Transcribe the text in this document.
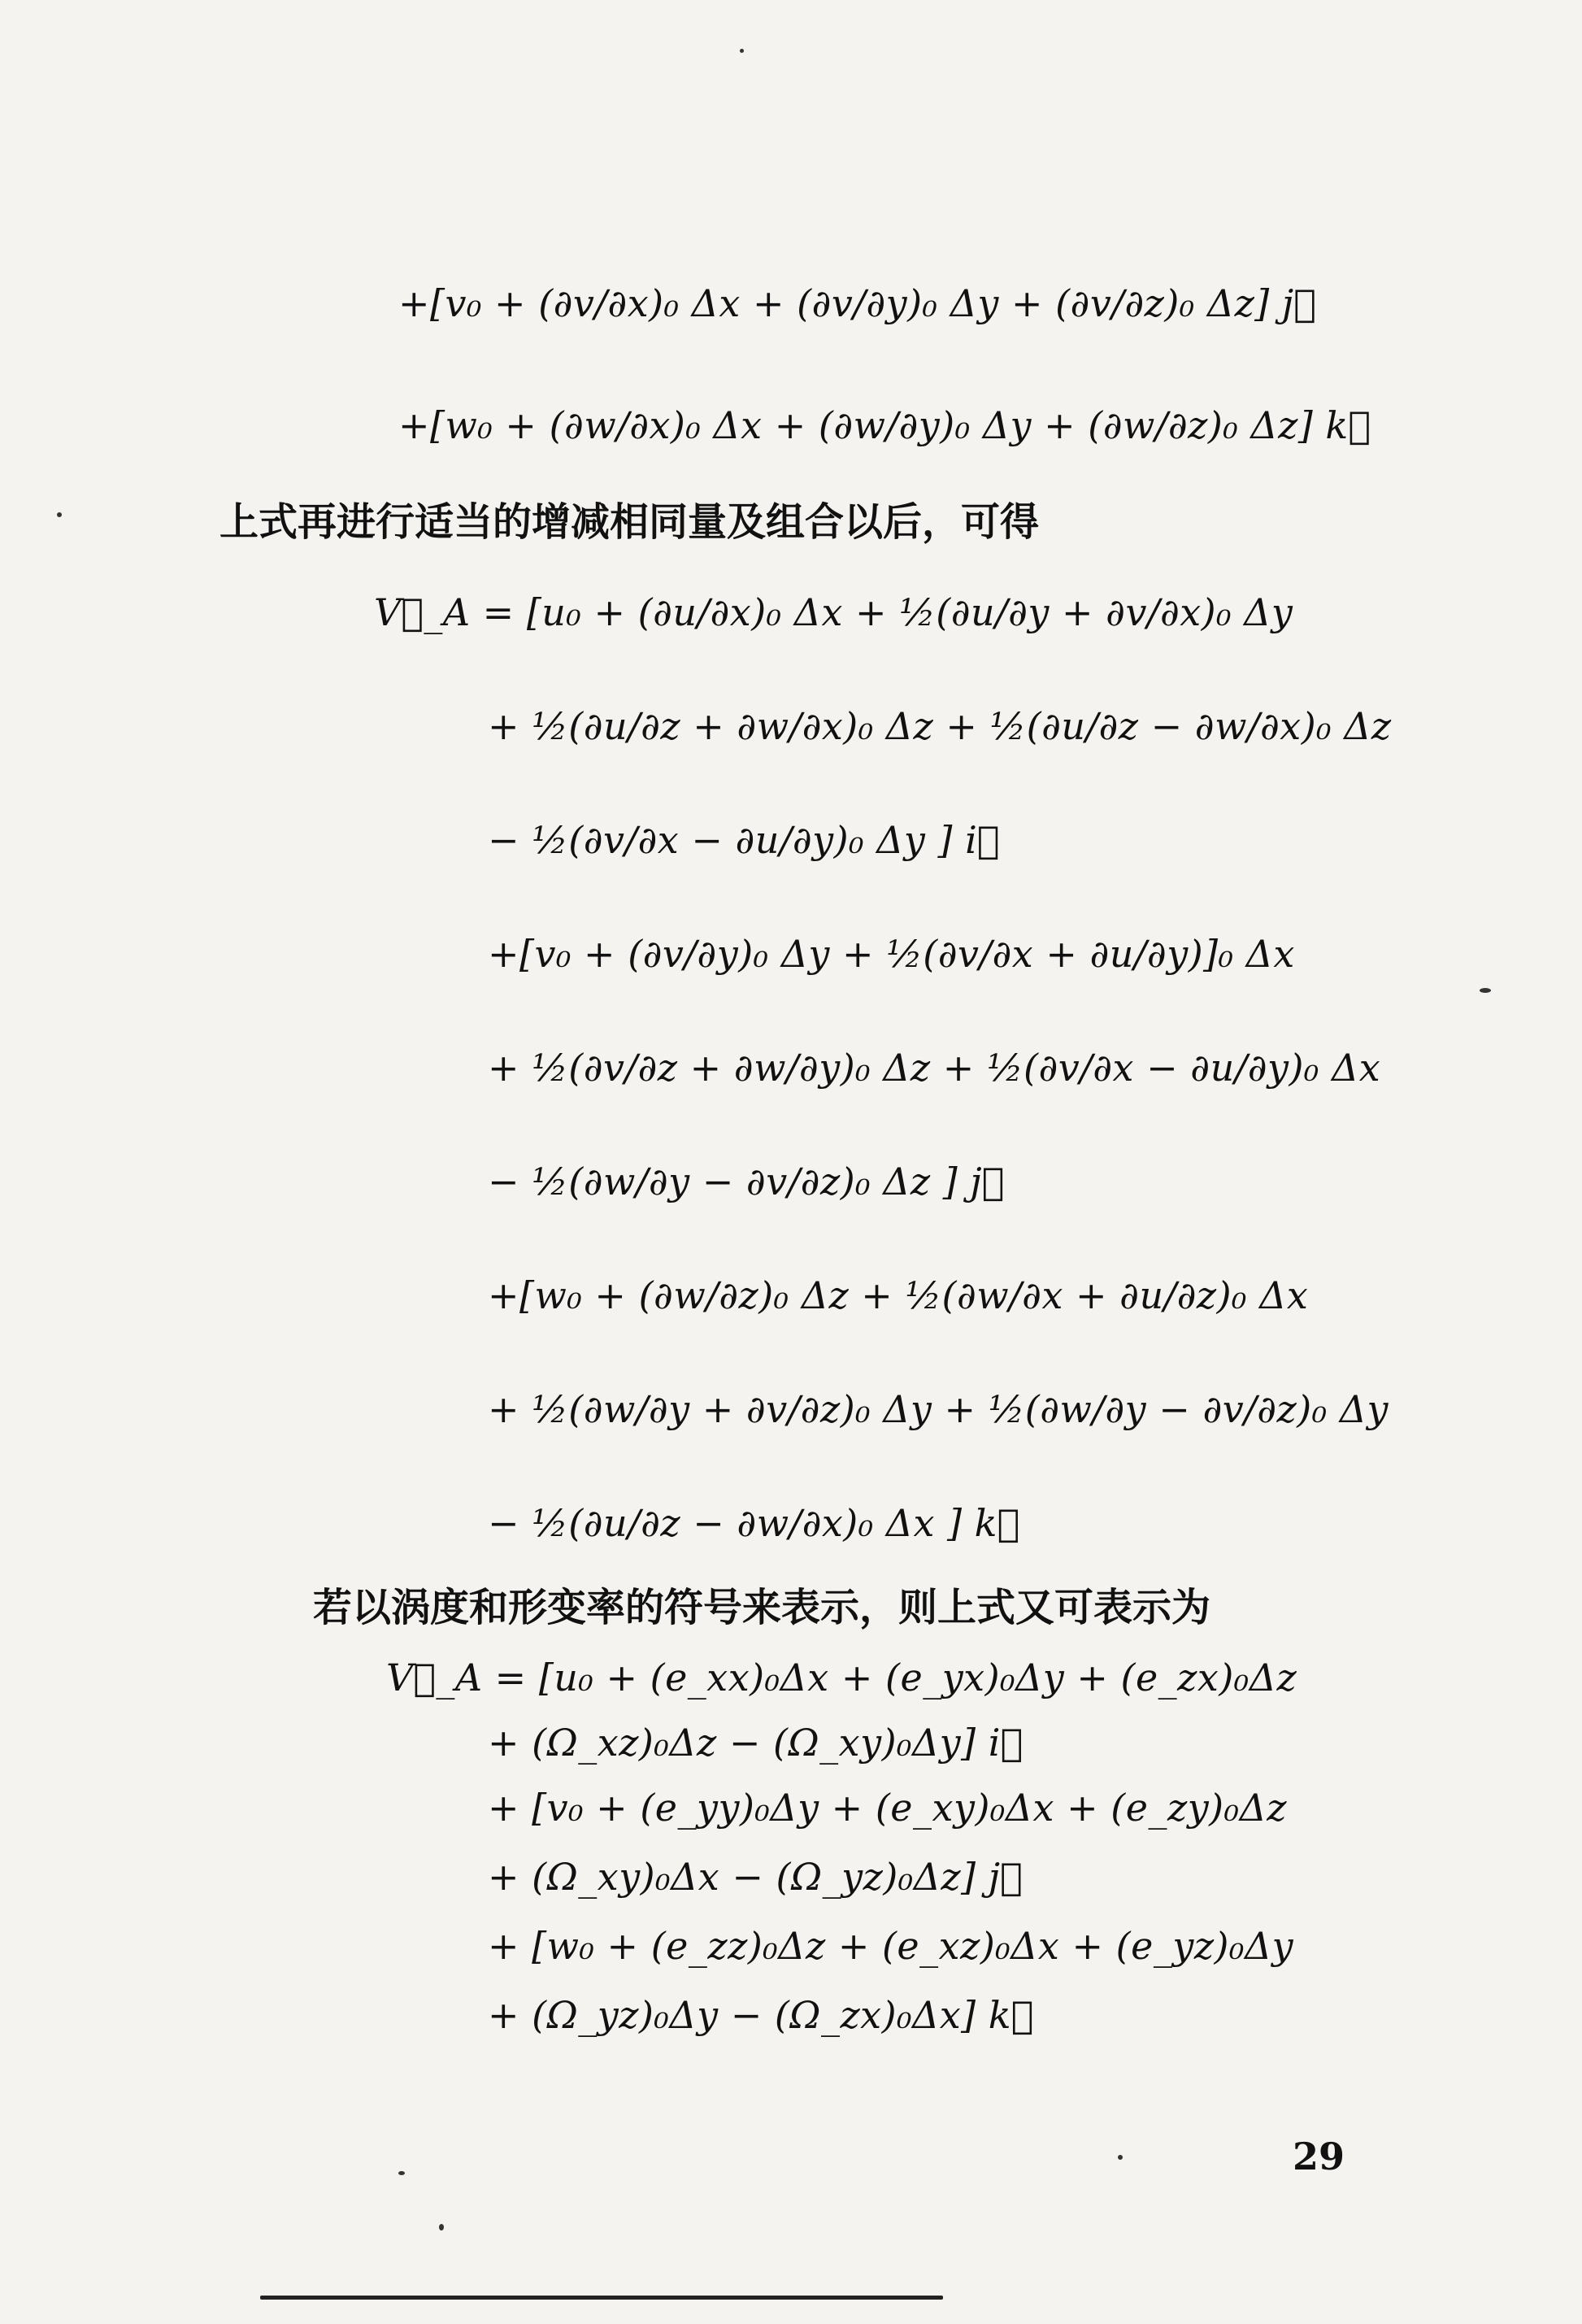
+[v₀ + (∂v/∂x)₀ Δx + (∂v/∂y)₀ Δy + (∂v/∂z)₀ Δz] j⃗
+[w₀ + (∂w/∂x)₀ Δx + (∂w/∂y)₀ Δy + (∂w/∂z)₀ Δz] k⃗
上式再进行适当的增减相同量及组合以后，可得
V⃗_A = [u₀ + (∂u/∂x)₀ Δx + ½(∂u/∂y + ∂v/∂x)₀ Δy
+ ½(∂u/∂z + ∂w/∂x)₀ Δz + ½(∂u/∂z − ∂w/∂x)₀ Δz
− ½(∂v/∂x − ∂u/∂y)₀ Δy ] i⃗
+[v₀ + (∂v/∂y)₀ Δy + ½(∂v/∂x + ∂u/∂y)]₀ Δx
+ ½(∂v/∂z + ∂w/∂y)₀ Δz + ½(∂v/∂x − ∂u/∂y)₀ Δx
− ½(∂w/∂y − ∂v/∂z)₀ Δz ] j⃗
+[w₀ + (∂w/∂z)₀ Δz + ½(∂w/∂x + ∂u/∂z)₀ Δx
+ ½(∂w/∂y + ∂v/∂z)₀ Δy + ½(∂w/∂y − ∂v/∂z)₀ Δy
− ½(∂u/∂z − ∂w/∂x)₀ Δx ] k⃗
若以涡度和形变率的符号来表示，则上式又可表示为
V⃗_A = [u₀ + (e_xx)₀Δx + (e_yx)₀Δy + (e_zx)₀Δz
+ (Ω_xz)₀Δz − (Ω_xy)₀Δy] i⃗
+ [v₀ + (e_yy)₀Δy + (e_xy)₀Δx + (e_zy)₀Δz
+ (Ω_xy)₀Δx − (Ω_yz)₀Δz] j⃗
+ [w₀ + (e_zz)₀Δz + (e_xz)₀Δx + (e_yz)₀Δy
+ (Ω_yz)₀Δy − (Ω_zx)₀Δx] k⃗
29
